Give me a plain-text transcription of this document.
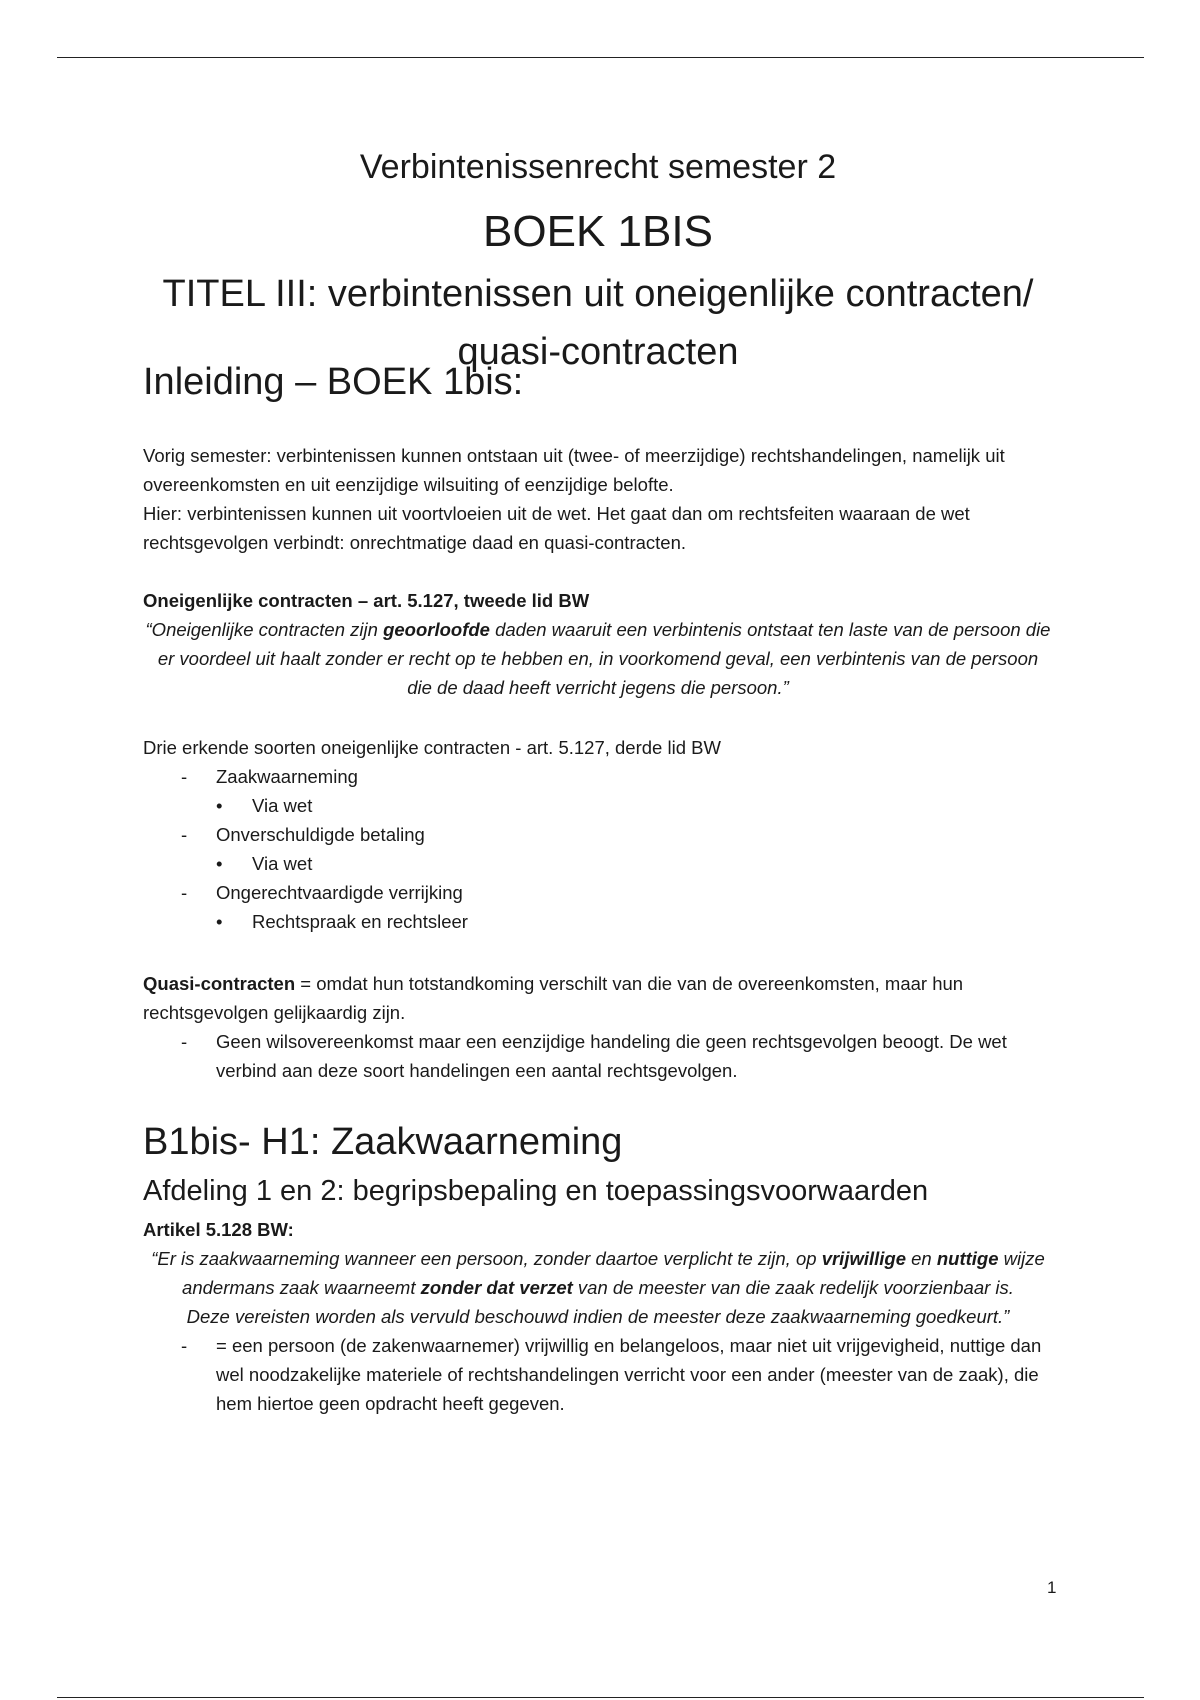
Verbintenissenrecht semester 2
BOEK 1BIS
TITEL III: verbintenissen uit oneigenlijke contracten/ quasi-contracten
Inleiding – BOEK 1bis:

Vorig semester: verbintenissen kunnen ontstaan uit (twee- of meerzijdige) rechtshandelingen, namelijk uit overeenkomsten en uit eenzijdige wilsuiting of eenzijdige belofte.

Hier: verbintenissen kunnen uit voortvloeien uit de wet. Het gaat dan om rechtsfeiten waaraan de wet rechtsgevolgen verbindt: onrechtmatige daad en quasi-contracten.

Oneigenlijke contracten – art. 5.127, tweede lid BW

“Oneigenlijke contracten zijn geoorloofde daden waaruit een verbintenis ontstaat ten laste van de persoon die er voordeel uit haalt zonder er recht op te hebben en, in voorkomend geval, een verbintenis van de persoon die de daad heeft verricht jegens die persoon.”

Drie erkende soorten oneigenlijke contracten - art. 5.127, derde lid BW

- Zaakwaarneming

• Via wet

- Onverschuldigde betaling

• Via wet

- Ongerechtvaardigde verrijking

• Rechtspraak en rechtsleer

Quasi-contracten = omdat hun totstandkoming verschilt van die van de overeenkomsten, maar hun rechtsgevolgen gelijkaardig zijn.

- Geen wilsovereenkomst maar een eenzijdige handeling die geen rechtsgevolgen beoogt. De wet verbind aan deze soort handelingen een aantal rechtsgevolgen.

B1bis- H1: Zaakwaarneming
Afdeling 1 en 2: begripsbepaling en toepassingsvoorwaarden

Artikel 5.128 BW:

“Er is zaakwaarneming wanneer een persoon, zonder daartoe verplicht te zijn, op vrijwillige en nuttige wijze andermans zaak waarneemt zonder dat verzet van de meester van die zaak redelijk voorzienbaar is.

Deze vereisten worden als vervuld beschouwd indien de meester deze zaakwaarneming goedkeurt.”

- = een persoon (de zakenwaarnemer) vrijwillig en belangeloos, maar niet uit vrijgevigheid, nuttige dan wel noodzakelijke materiele of rechtshandelingen verricht voor een ander (meester van de zaak), die hem hiertoe geen opdracht heeft gegeven.

1
